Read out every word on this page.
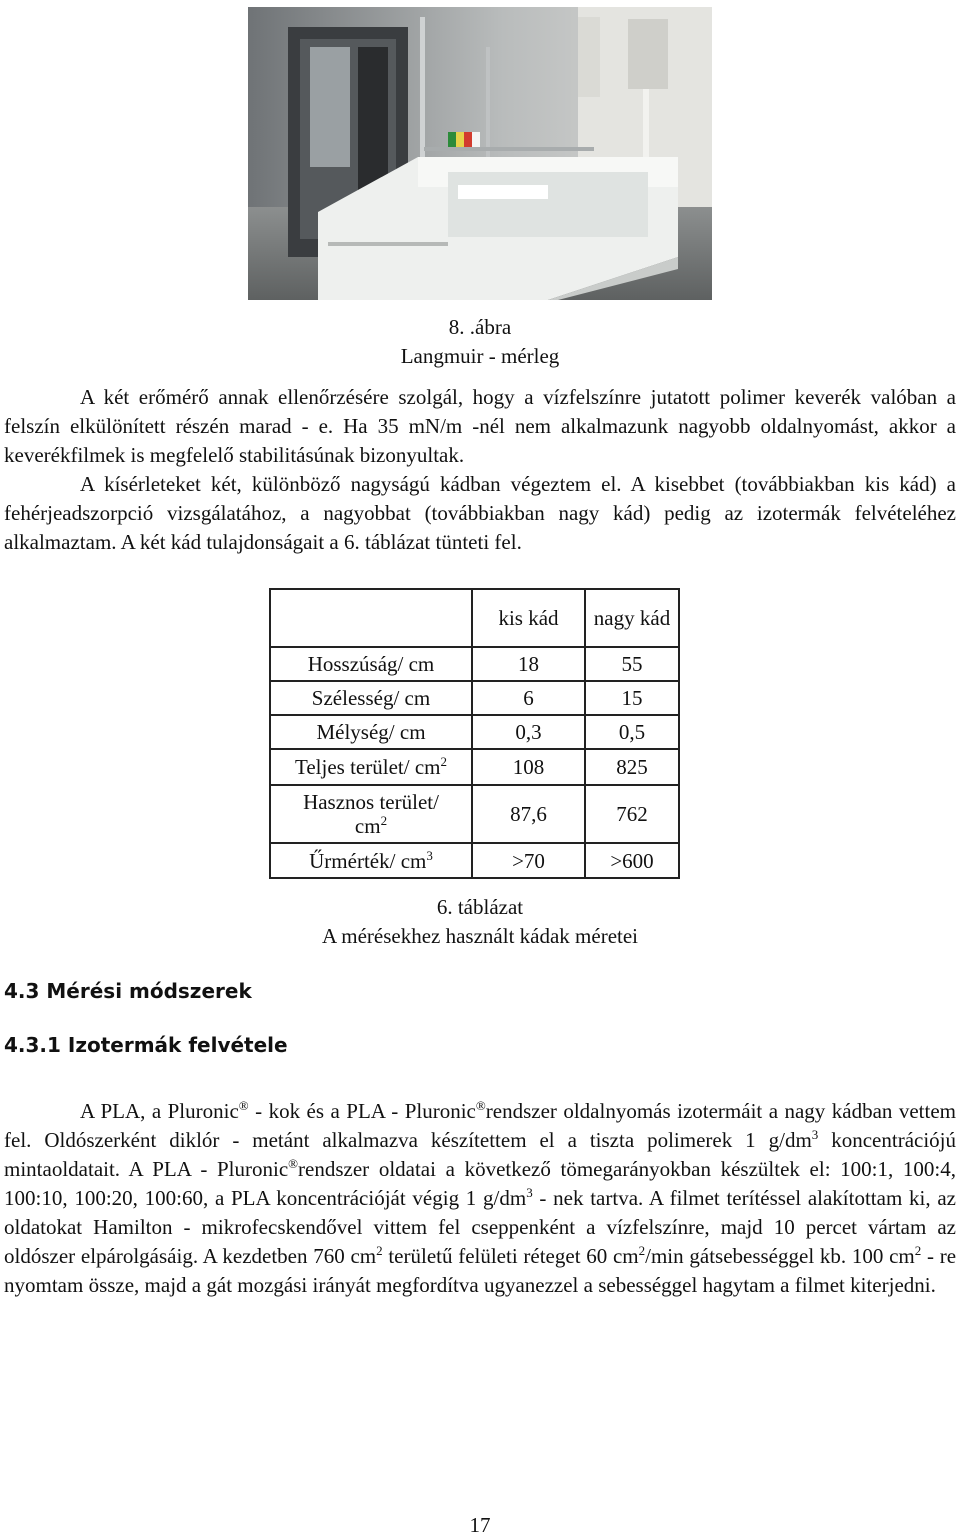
8. .ábra
Langmuir - mérleg

A két erőmérő annak ellenőrzésére szolgál, hogy a vízfelszínre jutatott polimer keverék valóban a felszín elkülönített részén marad - e. Ha 35 mN/m -nél nem alkalmazunk nagyobb oldalnyomást, akkor a keverékfilmek is megfelelő stabilitásúnak bizonyultak.

A kísérleteket két, különböző nagyságú kádban végeztem el. A kisebbet (továbbiakban kis kád) a fehérjeadszorpció vizsgálatához, a nagyobbat (továbbiakban nagy kád) pedig az izotermák felvételéhez alkalmaztam. A két kád tulajdonságait a 6. táblázat tünteti fel.

	kis kád	nagy kád
Hosszúság/ cm	18	55
Szélesség/ cm	6	15
Mélység/ cm	0,3	0,5
Teljes terület/ $cm^2$	108	825
Hasznos terület/
$cm^2$	87,6	762
Űrmérték/ $cm^3$	>70	>600
6. táblázat
A mérésekhez használt kádak méretei
4.3 Mérési módszerek
4.3.1 Izotermák felvétele

A PLA, a Pluronic® - kok és a PLA - Pluronic®rendszer oldalnyomás izotermáit a nagy kádban vettem fel. Oldószerként diklór - metánt alkalmazva készítettem el a tiszta polimerek 1 $g/dm^3$ koncentrációjú mintaoldatait. A PLA - Pluronic®rendszer oldatai a következő tömegarányokban készültek el: 100:1, 100:4, 100:10, 100:20, 100:60, a PLA koncentrációját végig 1 $g/dm^3$ - nek tartva. A filmet terítéssel alakítottam ki, az oldatokat Hamilton - mikrofecskendővel vittem fel cseppenként a vízfelszínre, majd 10 percet vártam az oldószer elpárolgásáig. A kezdetben 760 $cm^2$ területű felületi réteget 60 $cm^2/\min$ gátsebességgel kb. 100 $cm^2$ - re nyomtam össze, majd a gát mozgási irányát megfordítva ugyanezzel a sebességgel hagytam a filmet kiterjedni.

17
